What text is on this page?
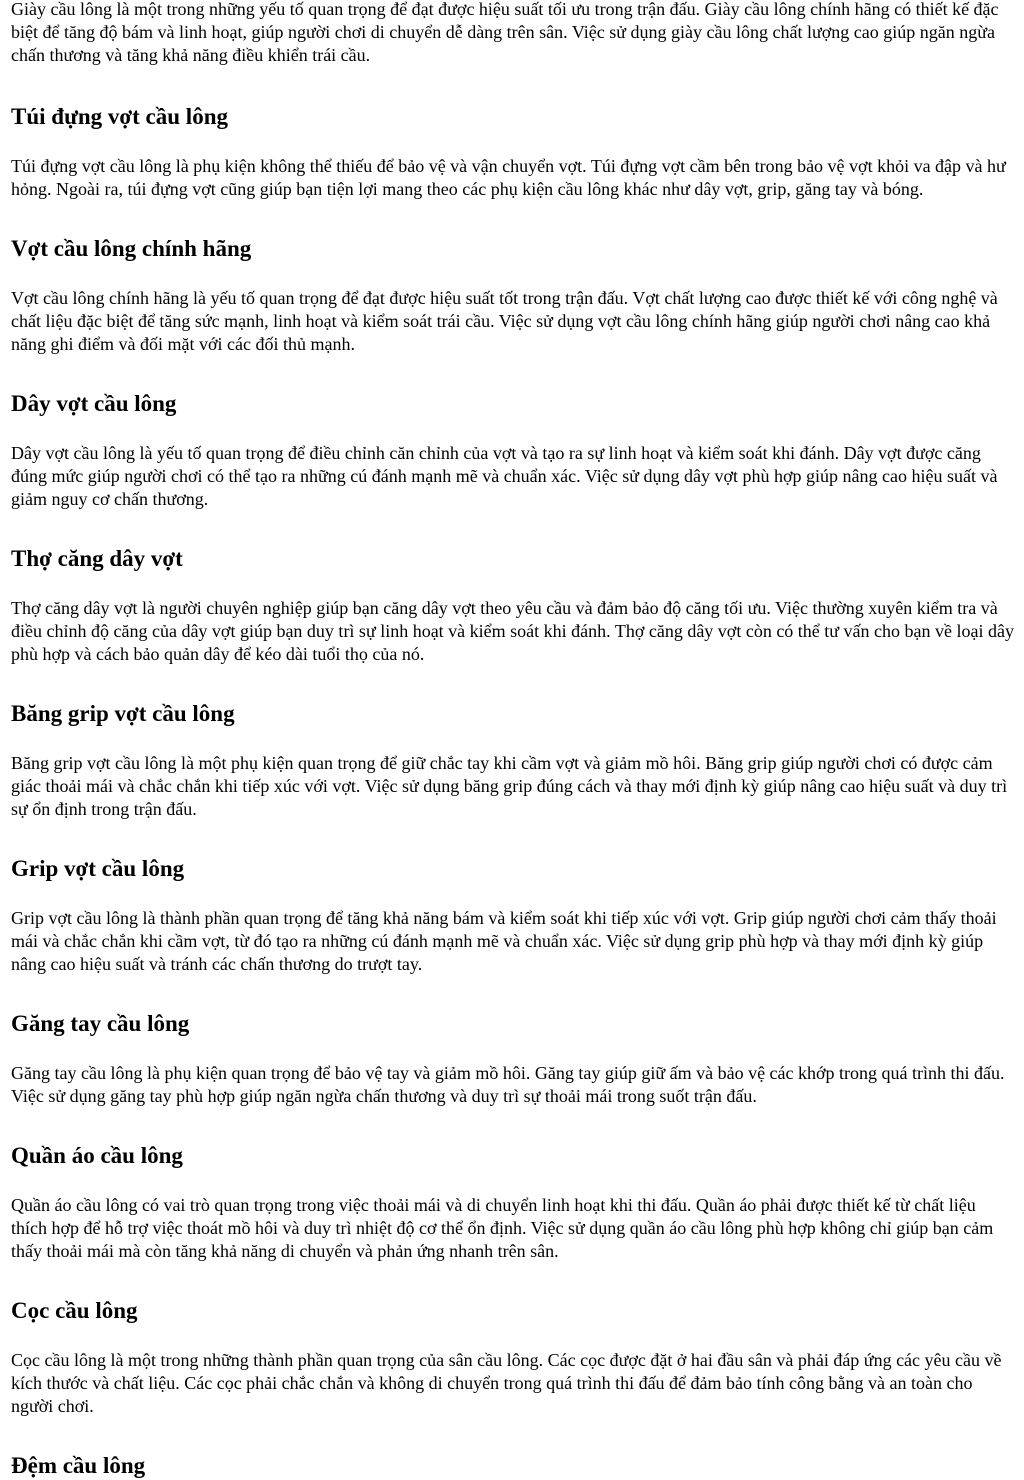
Giày cầu lông là một trong những yếu tố quan trọng để đạt được hiệu suất tối ưu trong trận đấu. Giày cầu lông chính hãng có thiết kế đặc biệt để tăng độ bám và linh hoạt, giúp người chơi di chuyển dễ dàng trên sân. Việc sử dụng giày cầu lông chất lượng cao giúp ngăn ngừa chấn thương và tăng khả năng điều khiển trái cầu.

Túi đựng vợt cầu lông

Túi đựng vợt cầu lông là phụ kiện không thể thiếu để bảo vệ và vận chuyển vợt. Túi đựng vợt cầm bên trong bảo vệ vợt khỏi va đập và hư hỏng. Ngoài ra, túi đựng vợt cũng giúp bạn tiện lợi mang theo các phụ kiện cầu lông khác như dây vợt, grip, găng tay và bóng.

Vợt cầu lông chính hãng

Vợt cầu lông chính hãng là yếu tố quan trọng để đạt được hiệu suất tốt trong trận đấu. Vợt chất lượng cao được thiết kế với công nghệ và chất liệu đặc biệt để tăng sức mạnh, linh hoạt và kiểm soát trái cầu. Việc sử dụng vợt cầu lông chính hãng giúp người chơi nâng cao khả năng ghi điểm và đối mặt với các đối thủ mạnh.

Dây vợt cầu lông

Dây vợt cầu lông là yếu tố quan trọng để điều chỉnh căn chỉnh của vợt và tạo ra sự linh hoạt và kiểm soát khi đánh. Dây vợt được căng đúng mức giúp người chơi có thể tạo ra những cú đánh mạnh mẽ và chuẩn xác. Việc sử dụng dây vợt phù hợp giúp nâng cao hiệu suất và giảm nguy cơ chấn thương.

Thợ căng dây vợt

Thợ căng dây vợt là người chuyên nghiệp giúp bạn căng dây vợt theo yêu cầu và đảm bảo độ căng tối ưu. Việc thường xuyên kiểm tra và điều chỉnh độ căng của dây vợt giúp bạn duy trì sự linh hoạt và kiểm soát khi đánh. Thợ căng dây vợt còn có thể tư vấn cho bạn về loại dây phù hợp và cách bảo quản dây để kéo dài tuổi thọ của nó.

Băng grip vợt cầu lông

Băng grip vợt cầu lông là một phụ kiện quan trọng để giữ chắc tay khi cầm vợt và giảm mồ hôi. Băng grip giúp người chơi có được cảm giác thoải mái và chắc chắn khi tiếp xúc với vợt. Việc sử dụng băng grip đúng cách và thay mới định kỳ giúp nâng cao hiệu suất và duy trì sự ổn định trong trận đấu.

Grip vợt cầu lông

Grip vợt cầu lông là thành phần quan trọng để tăng khả năng bám và kiểm soát khi tiếp xúc với vợt. Grip giúp người chơi cảm thấy thoải mái và chắc chắn khi cầm vợt, từ đó tạo ra những cú đánh mạnh mẽ và chuẩn xác. Việc sử dụng grip phù hợp và thay mới định kỳ giúp nâng cao hiệu suất và tránh các chấn thương do trượt tay.

Găng tay cầu lông

Găng tay cầu lông là phụ kiện quan trọng để bảo vệ tay và giảm mồ hôi. Găng tay giúp giữ ấm và bảo vệ các khớp trong quá trình thi đấu. Việc sử dụng găng tay phù hợp giúp ngăn ngừa chấn thương và duy trì sự thoải mái trong suốt trận đấu.

Quần áo cầu lông

Quần áo cầu lông có vai trò quan trọng trong việc thoải mái và di chuyển linh hoạt khi thi đấu. Quần áo phải được thiết kế từ chất liệu thích hợp để hỗ trợ việc thoát mồ hôi và duy trì nhiệt độ cơ thể ổn định. Việc sử dụng quần áo cầu lông phù hợp không chỉ giúp bạn cảm thấy thoải mái mà còn tăng khả năng di chuyển và phản ứng nhanh trên sân.

Cọc cầu lông

Cọc cầu lông là một trong những thành phần quan trọng của sân cầu lông. Các cọc được đặt ở hai đầu sân và phải đáp ứng các yêu cầu về kích thước và chất liệu. Các cọc phải chắc chắn và không di chuyển trong quá trình thi đấu để đảm bảo tính công bằng và an toàn cho người chơi.

Đệm cầu lông
